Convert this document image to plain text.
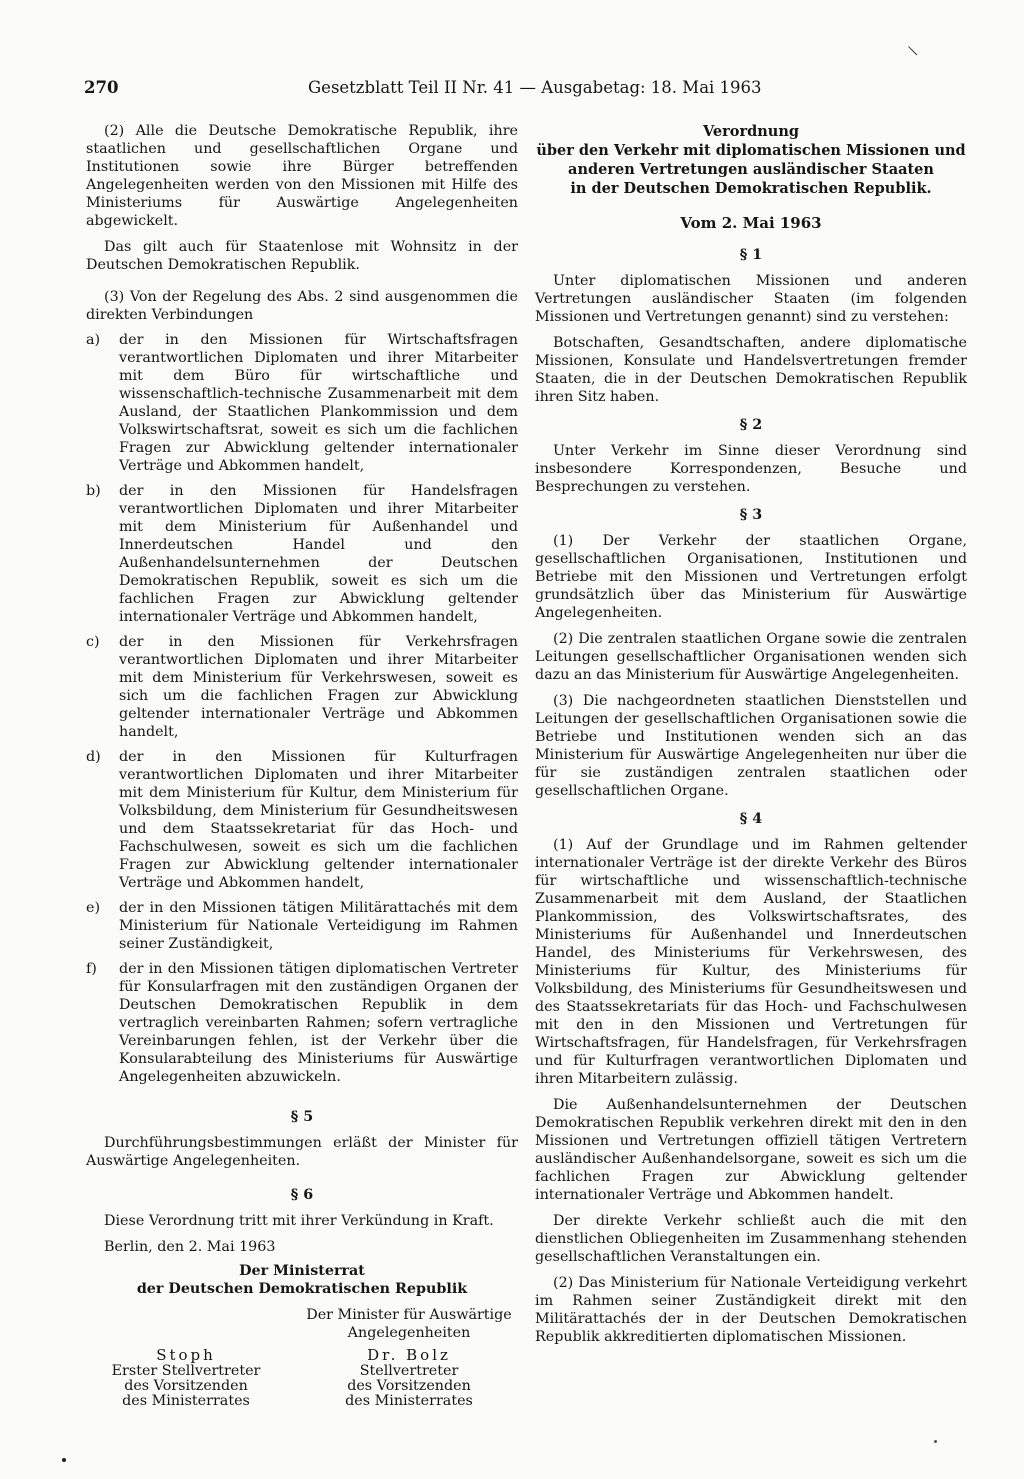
270	Gesetzblatt Teil II Nr. 41 — Ausgabetag: 18. Mai 1963

(2) Alle die Deutsche Demokratische Republik, ihre staatlichen und gesellschaftlichen Organe und Institutionen sowie ihre Bürger betreffenden Angelegenheiten werden von den Missionen mit Hilfe des Ministeriums für Auswärtige Angelegenheiten abgewickelt.

Das gilt auch für Staatenlose mit Wohnsitz in der Deutschen Demokratischen Republik.

(3) Von der Regelung des Abs. 2 sind ausgenommen die direkten Verbindungen

a) der in den Missionen für Wirtschaftsfragen verantwortlichen Diplomaten und ihrer Mitarbeiter mit dem Büro für wirtschaftliche und wissenschaftlich-technische Zusammenarbeit mit dem Ausland, der Staatlichen Plankommission und dem Volkswirtschaftsrat, soweit es sich um die fachlichen Fragen zur Abwicklung geltender internationaler Verträge und Abkommen handelt,
b) der in den Missionen für Handelsfragen verantwortlichen Diplomaten und ihrer Mitarbeiter mit dem Ministerium für Außenhandel und Innerdeutschen Handel und den Außenhandelsunternehmen der Deutschen Demokratischen Republik, soweit es sich um die fachlichen Fragen zur Abwicklung geltender internationaler Verträge und Abkommen handelt,
c) der in den Missionen für Verkehrsfragen verantwortlichen Diplomaten und ihrer Mitarbeiter mit dem Ministerium für Verkehrswesen, soweit es sich um die fachlichen Fragen zur Abwicklung geltender internationaler Verträge und Abkommen handelt,
d) der in den Missionen für Kulturfragen verantwortlichen Diplomaten und ihrer Mitarbeiter mit dem Ministerium für Kultur, dem Ministerium für Volksbildung, dem Ministerium für Gesundheitswesen und dem Staatssekretariat für das Hoch- und Fachschulwesen, soweit es sich um die fachlichen Fragen zur Abwicklung geltender internationaler Verträge und Abkommen handelt,
e) der in den Missionen tätigen Militärattachés mit dem Ministerium für Nationale Verteidigung im Rahmen seiner Zuständigkeit,
f) der in den Missionen tätigen diplomatischen Vertreter für Konsularfragen mit den zuständigen Organen der Deutschen Demokratischen Republik in dem vertraglich vereinbarten Rahmen; sofern vertragliche Vereinbarungen fehlen, ist der Verkehr über die Konsularabteilung des Ministeriums für Auswärtige Angelegenheiten abzuwickeln.
§ 5

Durchführungsbestimmungen erläßt der Minister für Auswärtige Angelegenheiten.

§ 6

Diese Verordnung tritt mit ihrer Verkündung in Kraft.

Berlin, den 2. Mai 1963

Der Ministerrat
der Deutschen Demokratischen Republik
Der Minister für Auswärtige
Angelegenheiten
Stoph
Erster Stellvertreter
des Vorsitzenden
des Ministerrates
Dr. Bolz
Stellvertreter
des Vorsitzenden
des Ministerrates
Verordnung
über den Verkehr mit diplomatischen Missionen und
anderen Vertretungen ausländischer Staaten
in der Deutschen Demokratischen Republik.
Vom 2. Mai 1963
§ 1

Unter diplomatischen Missionen und anderen Vertretungen ausländischer Staaten (im folgenden Missionen und Vertretungen genannt) sind zu verstehen:

Botschaften, Gesandtschaften, andere diplomatische Missionen, Konsulate und Handelsvertretungen fremder Staaten, die in der Deutschen Demokratischen Republik ihren Sitz haben.

§ 2

Unter Verkehr im Sinne dieser Verordnung sind insbesondere Korrespondenzen, Besuche und Besprechungen zu verstehen.

§ 3

(1) Der Verkehr der staatlichen Organe, gesellschaftlichen Organisationen, Institutionen und Betriebe mit den Missionen und Vertretungen erfolgt grundsätzlich über das Ministerium für Auswärtige Angelegenheiten.

(2) Die zentralen staatlichen Organe sowie die zentralen Leitungen gesellschaftlicher Organisationen wenden sich dazu an das Ministerium für Auswärtige Angelegenheiten.

(3) Die nachgeordneten staatlichen Dienststellen und Leitungen der gesellschaftlichen Organisationen sowie die Betriebe und Institutionen wenden sich an das Ministerium für Auswärtige Angelegenheiten nur über die für sie zuständigen zentralen staatlichen oder gesellschaftlichen Organe.

§ 4

(1) Auf der Grundlage und im Rahmen geltender internationaler Verträge ist der direkte Verkehr des Büros für wirtschaftliche und wissenschaftlich-technische Zusammenarbeit mit dem Ausland, der Staatlichen Plankommission, des Volkswirtschaftsrates, des Ministeriums für Außenhandel und Innerdeutschen Handel, des Ministeriums für Verkehrswesen, des Ministeriums für Kultur, des Ministeriums für Volksbildung, des Ministeriums für Gesundheitswesen und des Staatssekretariats für das Hoch- und Fachschulwesen mit den in den Missionen und Vertretungen für Wirtschaftsfragen, für Handelsfragen, für Verkehrsfragen und für Kulturfragen verantwortlichen Diplomaten und ihren Mitarbeitern zulässig.

Die Außenhandelsunternehmen der Deutschen Demokratischen Republik verkehren direkt mit den in den Missionen und Vertretungen offiziell tätigen Vertretern ausländischer Außenhandelsorgane, soweit es sich um die fachlichen Fragen zur Abwicklung geltender internationaler Verträge und Abkommen handelt.

Der direkte Verkehr schließt auch die mit den dienstlichen Obliegenheiten im Zusammenhang stehenden gesellschaftlichen Veranstaltungen ein.

(2) Das Ministerium für Nationale Verteidigung verkehrt im Rahmen seiner Zuständigkeit direkt mit den Militärattachés der in der Deutschen Demokratischen Republik akkreditierten diplomatischen Missionen.
